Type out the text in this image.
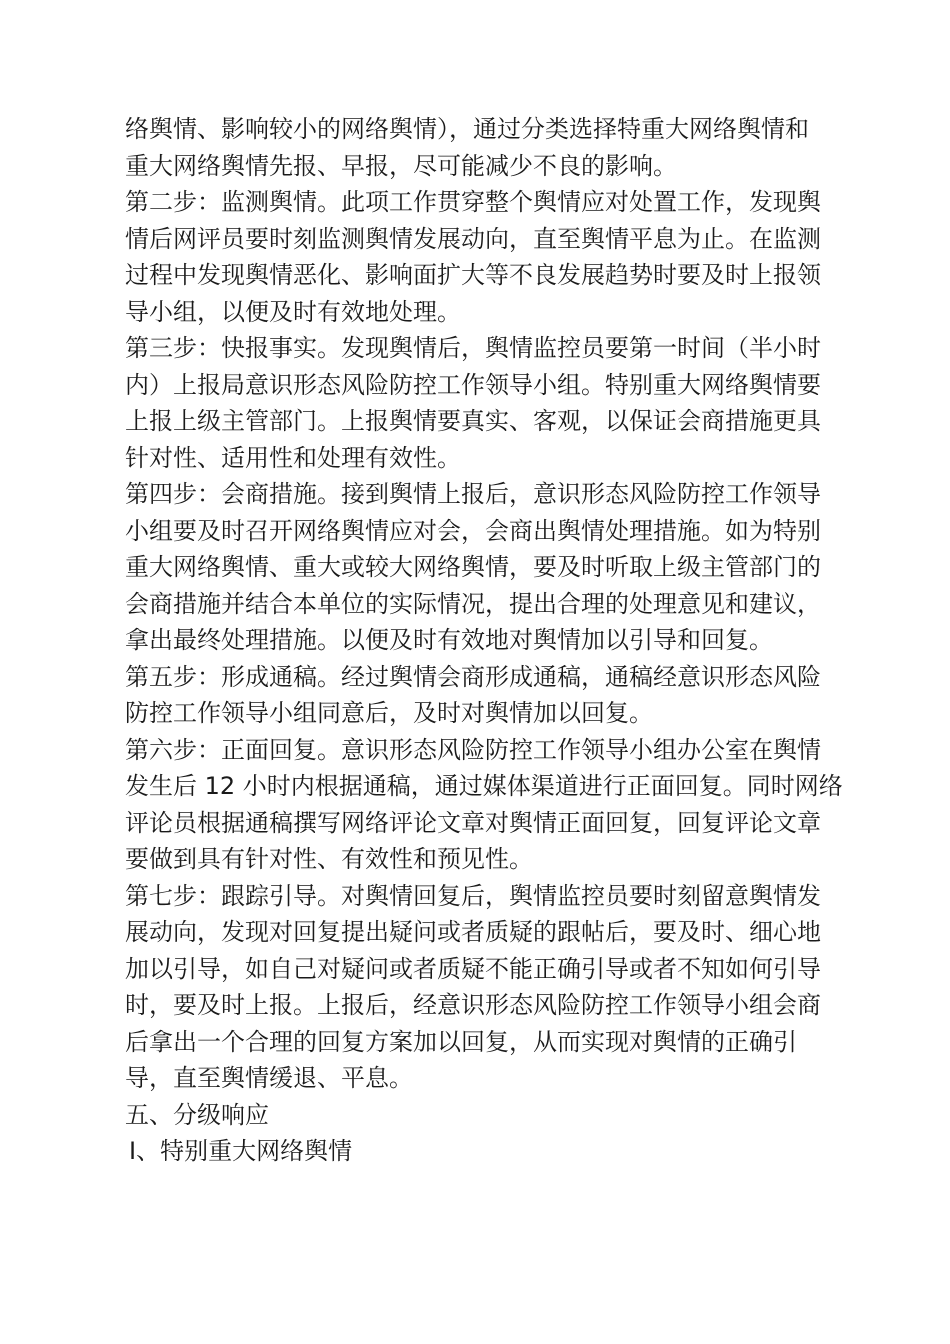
络舆情、影响较小的网络舆情），通过分类选择特重大网络舆情和
重大网络舆情先报、早报，尽可能减少不良的影响。
第二步：监测舆情。此项工作贯穿整个舆情应对处置工作，发现舆
情后网评员要时刻监测舆情发展动向，直至舆情平息为止。在监测
过程中发现舆情恶化、影响面扩大等不良发展趋势时要及时上报领
导小组，以便及时有效地处理。
第三步：快报事实。发现舆情后，舆情监控员要第一时间（半小时
内）上报局意识形态风险防控工作领导小组。特别重大网络舆情要
上报上级主管部门。上报舆情要真实、客观，以保证会商措施更具
针对性、适用性和处理有效性。
第四步：会商措施。接到舆情上报后，意识形态风险防控工作领导
小组要及时召开网络舆情应对会，会商出舆情处理措施。如为特别
重大网络舆情、重大或较大网络舆情，要及时听取上级主管部门的
会商措施并结合本单位的实际情况，提出合理的处理意见和建议，
拿出最终处理措施。以便及时有效地对舆情加以引导和回复。
第五步：形成通稿。经过舆情会商形成通稿，通稿经意识形态风险
防控工作领导小组同意后，及时对舆情加以回复。
第六步：正面回复。意识形态风险防控工作领导小组办公室在舆情
发生后 12 小时内根据通稿，通过媒体渠道进行正面回复。同时网络
评论员根据通稿撰写网络评论文章对舆情正面回复，回复评论文章
要做到具有针对性、有效性和预见性。
第七步：跟踪引导。对舆情回复后，舆情监控员要时刻留意舆情发
展动向，发现对回复提出疑问或者质疑的跟帖后，要及时、细心地
加以引导，如自己对疑问或者质疑不能正确引导或者不知如何引导
时，要及时上报。上报后，经意识形态风险防控工作领导小组会商
后拿出一个合理的回复方案加以回复，从而实现对舆情的正确引
导，直至舆情缓退、平息。
五、分级响应
Ⅰ、特别重大网络舆情
